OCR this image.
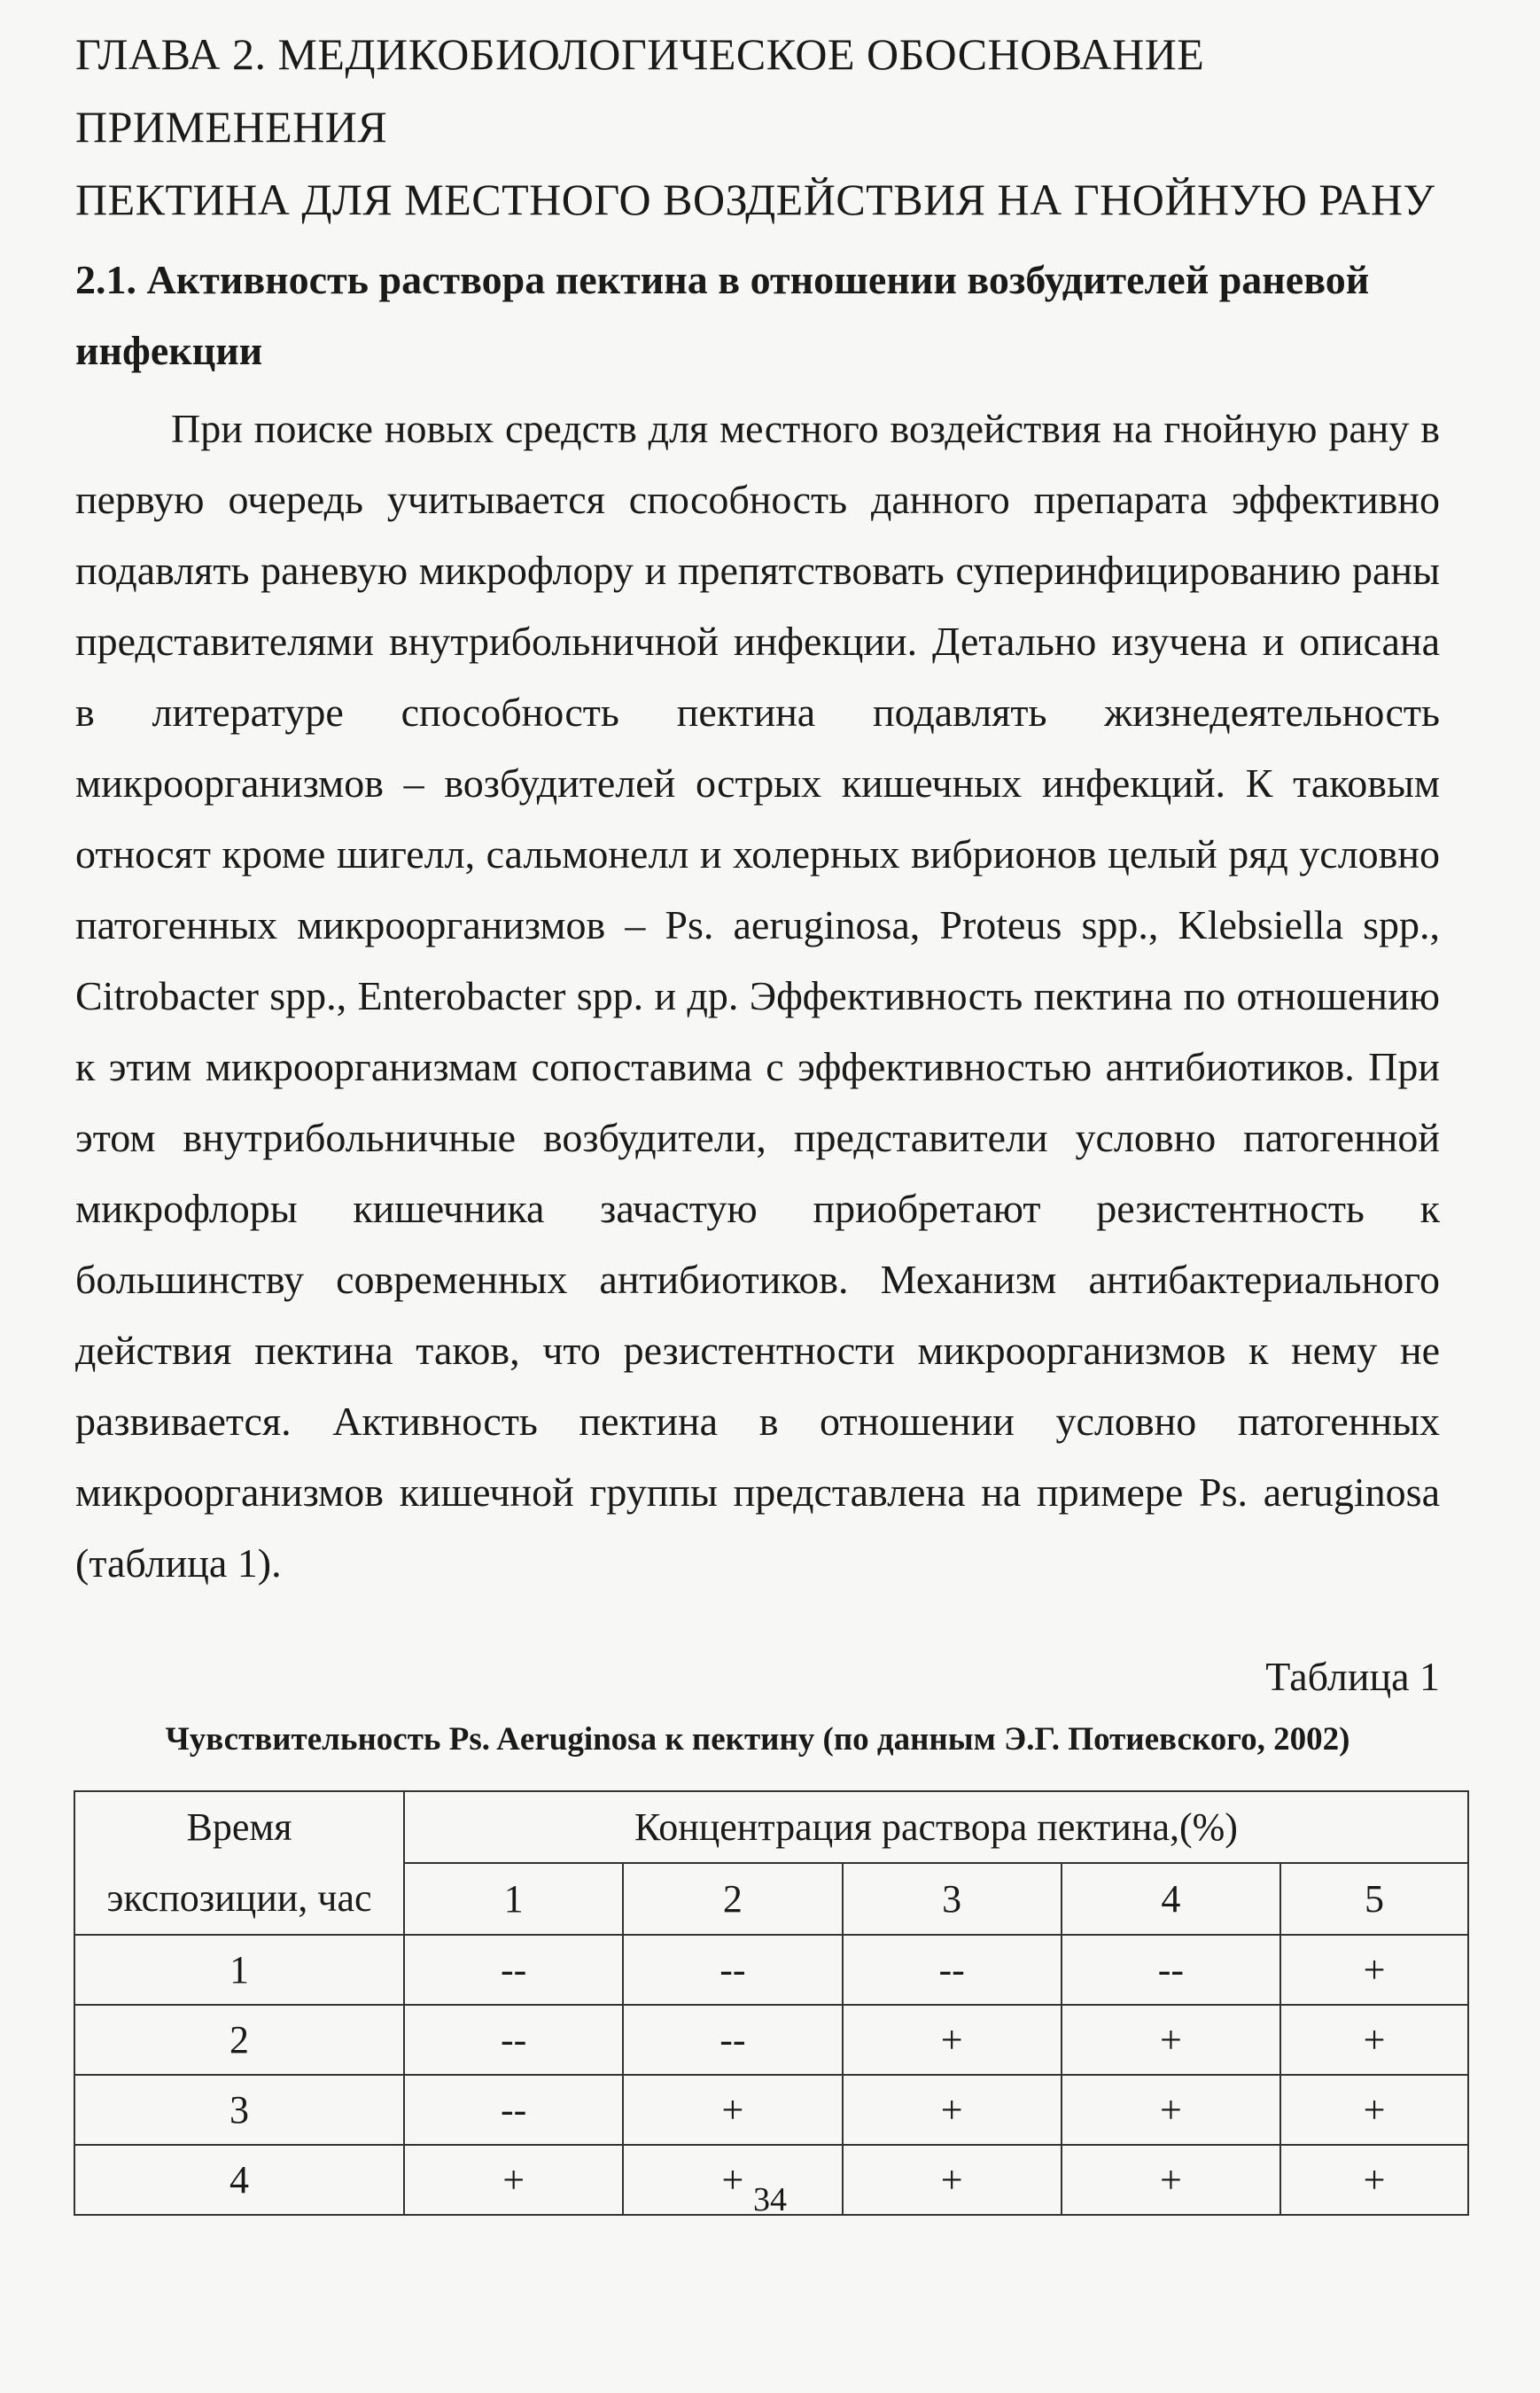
ГЛАВА 2. МЕДИКОБИОЛОГИЧЕСКОЕ ОБОСНОВАНИЕ ПРИМЕНЕНИЯ
ПЕКТИНА ДЛЯ МЕСТНОГО ВОЗДЕЙСТВИЯ НА ГНОЙНУЮ РАНУ
2.1. Активность раствора пектина в отношении возбудителей раневой инфекции

При поиске новых средств для местного воздействия на гнойную рану в первую очередь учитывается способность данного препарата эффективно подавлять раневую микрофлору и препятствовать суперинфицированию раны представителями внутрибольничной инфекции. Детально изучена и описана в литературе способность пектина подавлять жизнедеятельность микроорганизмов – возбудителей острых кишечных инфекций. К таковым относят кроме шигелл, сальмонелл и холерных вибрионов целый ряд условно патогенных микроорганизмов – Ps. aeruginosa, Proteus spp., Klebsiella spp., Citrobacter spp., Enterobacter spp. и др. Эффективность пектина по отношению к этим микроорганизмам сопоставима с эффективностью антибиотиков. При этом внутрибольничные возбудители, представители условно патогенной микрофлоры кишечника зачастую приобретают резистентность к большинству современных антибиотиков. Механизм антибактериального действия пектина таков, что резистентности микроорганизмов к нему не развивается. Активность пектина в отношении условно патогенных микроорганизмов кишечной группы представлена на примере Ps. aeruginosa (таблица 1).

Таблица 1
Чувствительность Ps. Aeruginosa к пектину (по данным Э.Г. Потиевского, 2002)
Время
экспозиции, час	Концентрация раствора пектина,(%)				
	1	2	3	4	5
1	--	--	--	--	+
2	--	--	+	+	+
3	--	+	+	+	+
4	+	+	+	+	+
34
